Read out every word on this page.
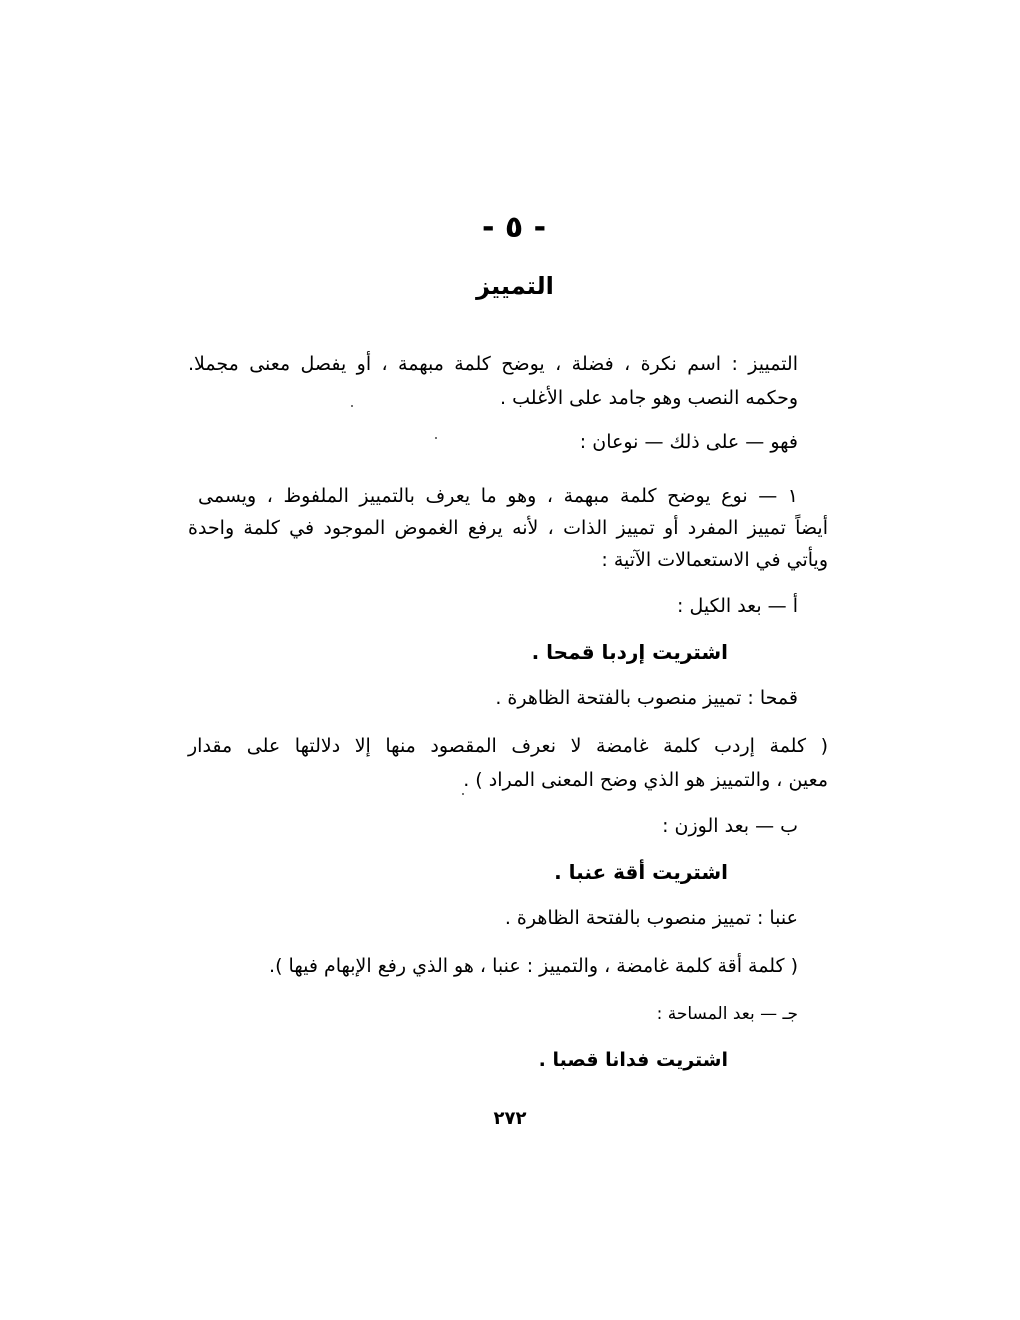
- ٥ -
التمييز
التمييز : اسم نكرة ، فضلة ، يوضح كلمة مبهمة ، أو يفصل معنى مجملا.
وحكمه النصب وهو جامد على الأغلب .
فهو — على ذلك — نوعان :
١ — نوع يوضح كلمة مبهمة ، وهو ما يعرف بالتمييز الملفوظ ، ويسمى
أيضاً تمييز المفرد أو تمييز الذات ، لأنه يرفع الغموض الموجود في كلمة واحدة
ويأتي في الاستعمالات الآتية :
أ — بعد الكيل :
اشتريت إردبا قمحا .
قمحا : تمييز منصوب بالفتحة الظاهرة .
( كلمة إردب كلمة غامضة لا نعرف المقصود منها إلا دلالتها على مقدار
معين ، والتمييز هو الذي وضح المعنى المراد ) .
ب — بعد الوزن :
اشتريت أقة عنبا .
عنبا : تمييز منصوب بالفتحة الظاهرة .
( كلمة أقة كلمة غامضة ، والتمييز : عنبا ، هو الذي رفع الإبهام فيها ).
جـ — بعد المساحة :
اشتريت فدانا قصبا .
٢٧٢
